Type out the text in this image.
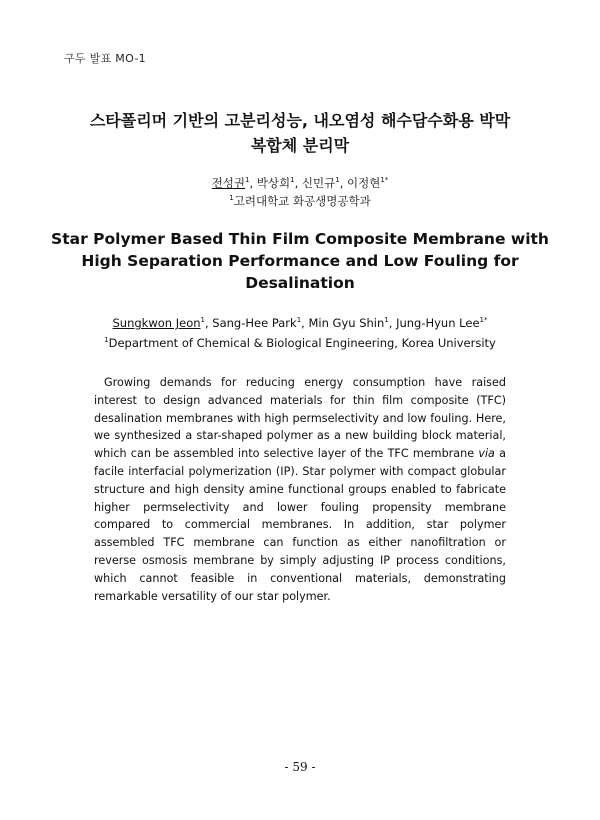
구두 발표 MO-1
스타폴리머 기반의 고분리성능, 내오염성 해수담수화용 박막
복합체 분리막
전성권$^1$, 박상희$^1$, 신민규$^1$, 이정현$^{1*}$
$^1$고려대학교 화공생명공학과
Star Polymer Based Thin Film Composite Membrane with
High Separation Performance and Low Fouling for
Desalination
Sungkwon Jeon$^1$, Sang-Hee Park$^1$, Min Gyu Shin$^1$, Jung-Hyun Lee$^{1*}$
$^1$Department of Chemical & Biological Engineering, Korea University
Growing demands for reducing energy consumption have raised interest to design advanced materials for thin film composite (TFC) desalination membranes with high permselectivity and low fouling. Here, we synthesized a star-shaped polymer as a new building block material, which can be assembled into selective layer of the TFC membrane via a facile interfacial polymerization (IP). Star polymer with compact globular structure and high density amine functional groups enabled to fabricate higher permselectivity and lower fouling propensity membrane compared to commercial membranes. In addition, star polymer assembled TFC membrane can function as either nanofiltration or reverse osmosis membrane by simply adjusting IP process conditions, which cannot feasible in conventional materials, demonstrating remarkable versatility of our star polymer.
- 59 -
